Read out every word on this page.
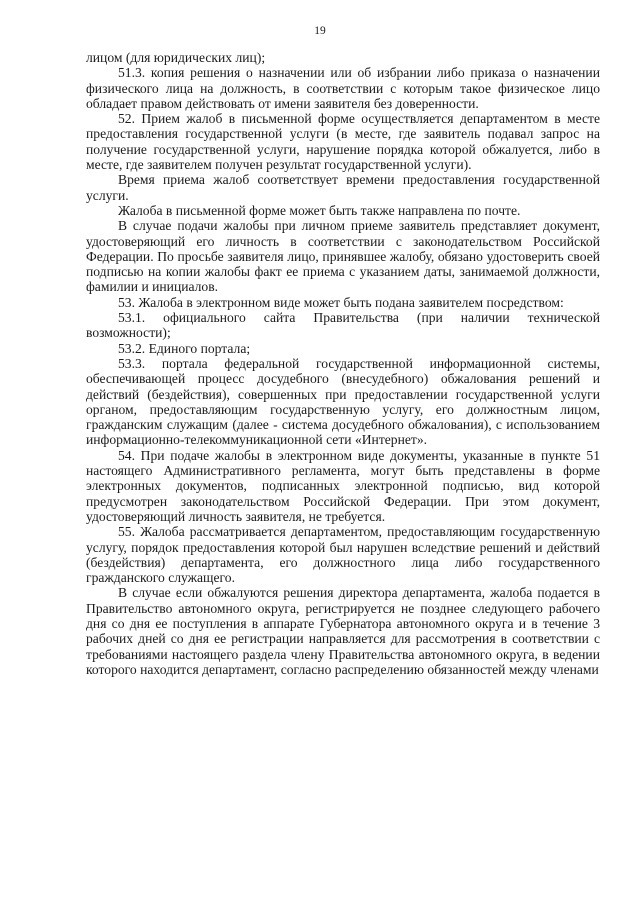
19

лицом (для юридических лиц);

51.3. копия решения о назначении или об избрании либо приказа о назначении физического лица на должность, в соответствии с которым такое физическое лицо обладает правом действовать от имени заявителя без доверенности.

52. Прием жалоб в письменной форме осуществляется департаментом в месте предоставления государственной услуги (в месте, где заявитель подавал запрос на получение государственной услуги, нарушение порядка которой обжалуется, либо в месте, где заявителем получен результат государственной услуги).

Время приема жалоб соответствует времени предоставления государственной услуги.

Жалоба в письменной форме может быть также направлена по почте.

В случае подачи жалобы при личном приеме заявитель представляет документ, удостоверяющий его личность в соответствии с законодательством Российской Федерации. По просьбе заявителя лицо, принявшее жалобу, обязано удостоверить своей подписью на копии жалобы факт ее приема с указанием даты, занимаемой должности, фамилии и инициалов.

53. Жалоба в электронном виде может быть подана заявителем посредством:

53.1. официального сайта Правительства (при наличии технической возможности);

53.2. Единого портала;

53.3. портала федеральной государственной информационной системы, обеспечивающей процесс досудебного (внесудебного) обжалования решений и действий (бездействия), совершенных при предоставлении государственной услуги органом, предоставляющим государственную услугу, его должностным лицом, гражданским служащим (далее - система досудебного обжалования), с использованием информационно-телекоммуникационной сети «Интернет».

54. При подаче жалобы в электронном виде документы, указанные в пункте 51 настоящего Административного регламента, могут быть представлены в форме электронных документов, подписанных электронной подписью, вид которой предусмотрен законодательством Российской Федерации. При этом документ, удостоверяющий личность заявителя, не требуется.

55. Жалоба рассматривается департаментом, предоставляющим государственную услугу, порядок предоставления которой был нарушен вследствие решений и действий (бездействия) департамента, его должностного лица либо государственного гражданского служащего.

В случае если обжалуются решения директора департамента, жалоба подается в Правительство автономного округа, регистрируется не позднее следующего рабочего дня со дня ее поступления в аппарате Губернатора автономного округа и в течение 3 рабочих дней со дня ее регистрации направляется для рассмотрения в соответствии с требованиями настоящего раздела члену Правительства автономного округа, в ведении которого находится департамент, согласно распределению обязанностей между членами
